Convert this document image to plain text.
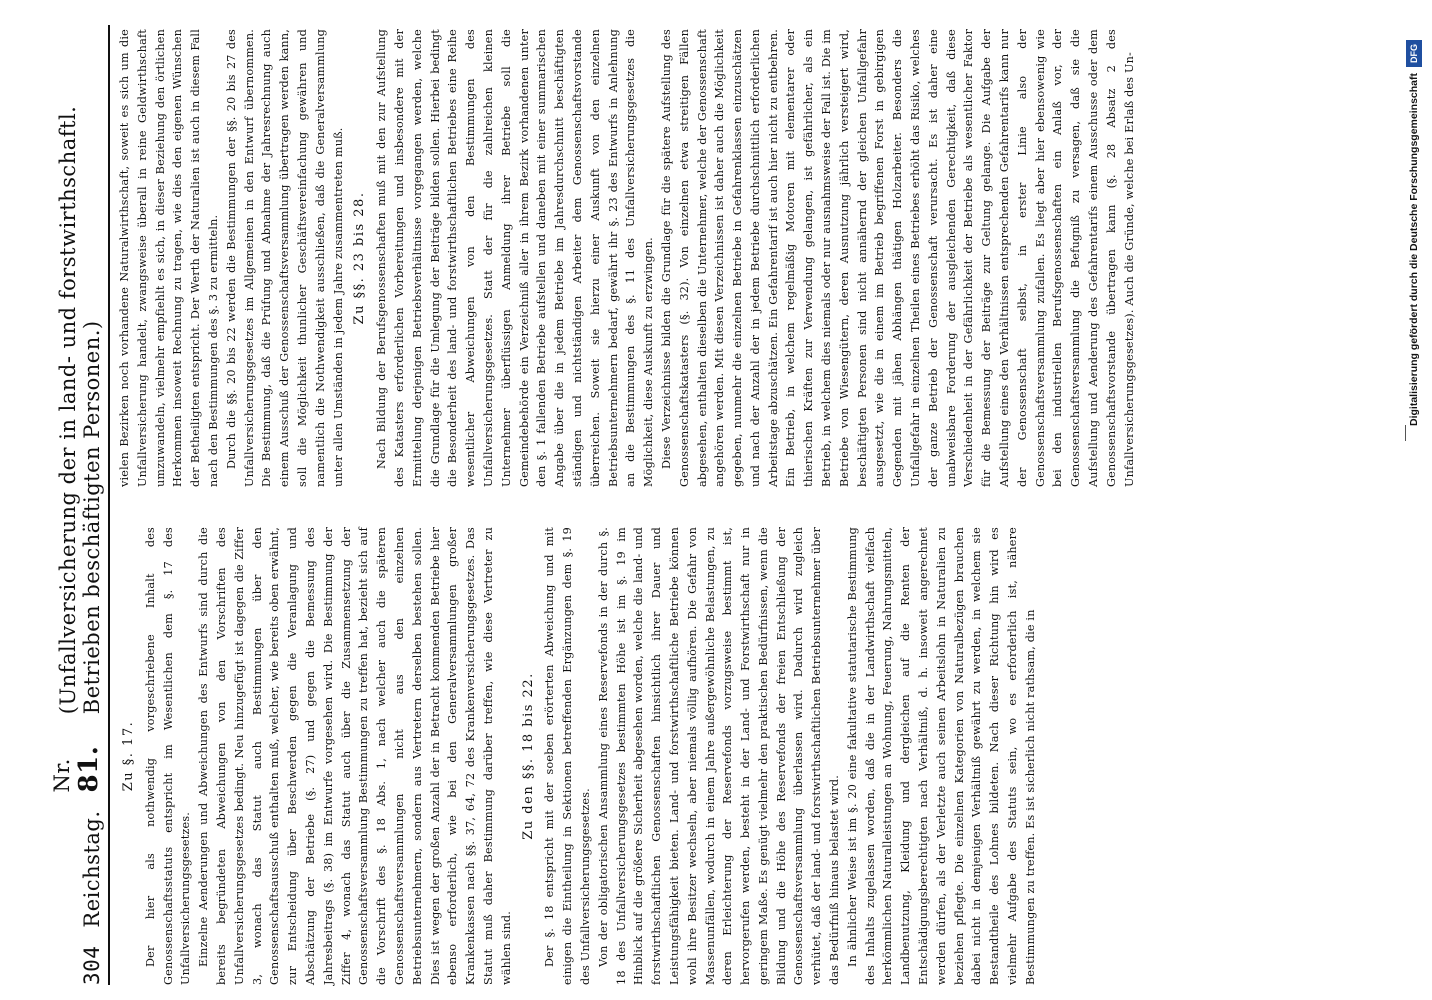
304
Reichstag.
Nr. 81.
(Unfallversicherung der in land- und forstwirthschaftl. Betrieben beschäftigten Personen.)
Zu §. 17. Der hier als nothwendig vorgeschriebene Inhalt des Genossenschaftsstatuts entspricht im Wesentlichen dem §. 17 des Unfallversicherungsgesetzes. Einzelne Aenderungen und Abweichungen des Entwurfs sind durch die bereits begründeten Abweichungen von den Vorschriften des Unfallversicherungsgesetzes bedingt. Neu hinzugefügt ist dagegen die Ziffer 3, wonach das Statut auch Bestimmungen über den Genossenschaftsausschuß enthalten muß, welcher, wie bereits oben erwähnt, zur Entscheidung über Beschwerden gegen die Veranlagung und Abschätzung der Betriebe (§. 27) und gegen die Bemessung des Jahresbeitrags (§. 38) im Entwurfe vorgesehen wird. Die Bestimmung der Ziffer 4, wonach das Statut auch über die Zusammensetzung der Genossenschaftsversammlung Bestimmungen zu treffen hat, bezieht sich auf die Vorschrift des §. 18 Abs. 1, nach welcher auch die späteren Genossenschaftsversammlungen nicht aus den einzelnen Betriebsunternehmern, sondern aus Vertretern derselben bestehen sollen. Dies ist wegen der großen Anzahl der in Betracht kommenden Betriebe hier ebenso erforderlich, wie bei den Generalversammlungen großer Krankenkassen nach §§. 37, 64, 72 des Krankenversicherungsgesetzes. Das Statut muß daher Bestimmung darüber treffen, wie diese Vertreter zu wählen sind.

Zu den §§. 18 bis 22. Der §. 18 entspricht mit der soeben erörterten Abweichung und mit einigen die Eintheilung in Sektionen betreffenden Ergänzungen dem §. 19 des Unfallversicherungsgesetzes. Von der obligatorischen Ansammlung eines Reservefonds in der durch §. 18 des Unfallversicherungsgesetzes bestimmten Höhe ist im §. 19 im Hinblick auf die größere Sicherheit abgesehen worden, welche die land- und forstwirthschaftlichen Genossenschaften hinsichtlich ihrer Dauer und Leistungsfähigkeit bieten. Land- und forstwirthschaftliche Betriebe können wohl ihre Besitzer wechseln, aber niemals völlig aufhören. Die Gefahr von Massenunfällen, wodurch in einem Jahre außergewöhnliche Belastungen, zu deren Erleichterung der Reservefonds vorzugsweise bestimmt ist, hervorgerufen werden, besteht in der Land- und Forstwirthschaft nur in geringem Maße. Es genügt vielmehr den praktischen Bedürfnissen, wenn die Bildung und die Höhe des Reservefonds der freien Entschließung der Genossenschaftsversammlung überlassen wird. Dadurch wird zugleich verhütet, daß der land- und forstwirthschaftlichen Betriebsunternehmer über das Bedürfniß hinaus belastet wird. In ähnlicher Weise ist im §. 20 eine fakultative statutarische Bestimmung des Inhalts zugelassen worden, daß die in der Landwirthschaft vielfach herkömmlichen Naturalleistungen an Wohnung, Feuerung, Nahrungsmitteln, Landbenutzung, Kleidung und dergleichen auf die Renten der Entschädigungsberechtigten nach Verhältniß, d. h. insoweit angerechnet werden dürfen, als der Verletzte auch seinen Arbeitslohn in Naturalien zu beziehen pflegte. Die einzelnen Kategorien von Naturalbezügen brauchen dabei nicht in demjenigen Verhältniß gewährt zu werden, in welchem sie Bestandtheile des Lohnes bildeten. Nach dieser Richtung hin wird es vielmehr Aufgabe des Statuts sein, wo es erforderlich ist, nähere Bestimmungen zu treffen. Es ist sicherlich nicht rathsam, die in

vielen Bezirken noch vorhandene Naturalwirthschaft, soweit es sich um die Unfallversicherung handelt, zwangsweise überall in reine Geldwirthschaft umzuwandeln, vielmehr empfiehlt es sich, in dieser Beziehung den örtlichen Herkommen insoweit Rechnung zu tragen, wie dies den eigenen Wünschen der Betheiligten entspricht. Der Werth der Naturalien ist auch in diesem Fall nach den Bestimmungen des §. 3 zu ermitteln. Durch die §§. 20 bis 22 werden die Bestimmungen der §§. 20 bis 27 des Unfallversicherungsgesetzes im Allgemeinen in den Entwurf übernommen. Die Bestimmung, daß die Prüfung und Abnahme der Jahresrechnung auch einem Ausschuß der Genossenschaftsversammlung übertragen werden kann, soll die Möglichkeit thunlicher Geschäftsvereinfachung gewähren und namentlich die Nothwendigkeit ausschließen, daß die Generalversammlung unter allen Umständen in jedem Jahre zusammentreten muß. Zu §§. 23 bis 28. Nach Bildung der Berufsgenossenschaften muß mit den zur Aufstellung des Katasters erforderlichen Vorbereitungen und insbesondere mit der Ermittelung derjenigen Betriebsverhältnisse vorgegangen werden, welche die Grundlage für die Umlegung der Beiträge bilden sollen. Hierbei bedingt die Besonderheit des land- und forstwirthschaftlichen Betriebes eine Reihe wesentlicher Abweichungen von den Bestimmungen des Unfallversicherungsgesetzes. Statt der für die zahlreichen kleinen Unternehmer überflüssigen Anmeldung ihrer Betriebe soll die Gemeindebehörde ein Verzeichniß aller in ihrem Bezirk vorhandenen unter den §. 1 fallenden Betriebe aufstellen und daneben mit einer summarischen Angabe über die in jedem Betriebe im Jahresdurchschnitt beschäftigten ständigen und nichtständigen Arbeiter dem Genossenschaftsvorstande überreichen. Soweit sie hierzu einer Auskunft von den einzelnen Betriebsunternehmern bedarf, gewährt ihr §. 23 des Entwurfs in Anlehnung an die Bestimmungen des §. 11 des Unfallversicherungsgesetzes die Möglichkeit, diese Auskunft zu erzwingen. Diese Verzeichnisse bilden die Grundlage für die spätere Aufstellung des Genossenschaftskatasters (§. 32). Von einzelnen etwa streitigen Fällen abgesehen, enthalten dieselben die Unternehmer, welche der Genossenschaft angehören werden. Mit diesen Verzeichnissen ist daher auch die Möglichkeit gegeben, nunmehr die einzelnen Betriebe in Gefahrenklassen einzuschätzen und nach der Anzahl der in jedem Betriebe durchschnittlich erforderlichen Arbeitstage abzuschätzen. Ein Gefahrentarif ist auch hier nicht zu entbehren. Ein Betrieb, in welchem regelmäßig Motoren mit elementarer oder thierischen Kräften zur Verwendung gelangen, ist gefährlicher, als ein Betrieb, in welchem dies niemals oder nur ausnahmsweise der Fall ist. Die im Betriebe von Wiesengütern, deren Ausnutzung jährlich versteigert wird, beschäftigten Personen sind nicht annähernd der gleichen Unfallgefahr ausgesetzt, wie die in einem im Betrieb begriffenen Forst in gebirgigen Gegenden mit jähen Abhängen thätigen Holzarbeiter. Besonders die Unfallgefahr in einzelnen Theilen eines Betriebes erhöht das Risiko, welches der ganze Betrieb der Genossenschaft verursacht. Es ist daher eine unabweisbare Forderung der ausgleichenden Gerechtigkeit, daß diese Verschiedenheit in der Gefährlichkeit der Betriebe als wesentlicher Faktor für die Bemessung der Beiträge zur Geltung gelange. Die Aufgabe der Aufstellung eines den Verhältnissen entsprechenden Gefahrentarifs kann nur der Genossenschaft selbst, in erster Linie also der Genossenschaftsversammlung zufallen. Es liegt aber hier ebensowenig wie bei den industriellen Berufsgenossenschaften ein Anlaß vor, der Genossenschaftsversammlung die Befugniß zu versagen, daß sie die Aufstellung und Aenderung des Gefahrentarifs einem Ausschusse oder dem Genossenschaftsvorstande übertragen kann (§. 28 Absatz 2 des Unfallversicherungsgesetzes). Auch die Gründe, welche bei Erlaß des Un-	Digitalisierung gefördert durch die Deutsche Forschungsgemeinschaft
DFG
